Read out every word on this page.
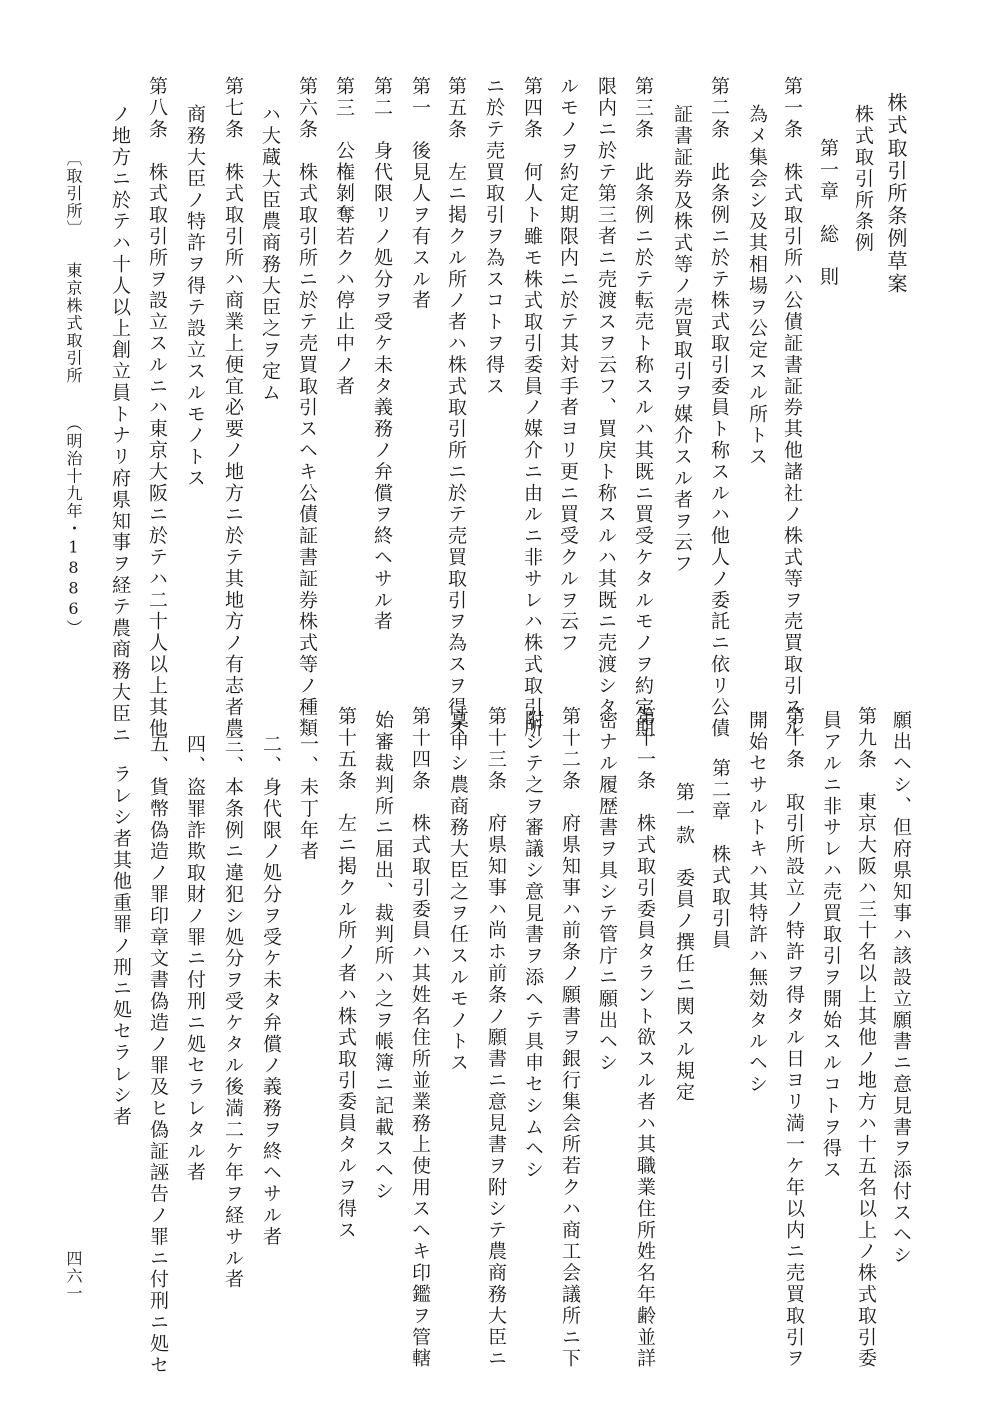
株式取引所条例草案
株式取引所条例
第一章　総　則
第一条　株式取引所ハ公債証書証券其他諸社ノ株式等ヲ売買取引スル
為メ集会シ及其相場ヲ公定スル所トス
第二条　此条例ニ於テ株式取引委員ト称スルハ他人ノ委託ニ依リ公債
証書証券及株式等ノ売買取引ヲ媒介スル者ヲ云フ
第三条　此条例ニ於テ転売ト称スルハ其既ニ買受ケタルモノヲ約定期
限内ニ於テ第三者ニ売渡スヲ云フ、買戻ト称スルハ其既ニ売渡シタ
ルモノヲ約定期限内ニ於テ其対手者ヨリ更ニ買受クルヲ云フ
第四条　何人ト雖モ株式取引委員ノ媒介ニ由ルニ非サレハ株式取引所
ニ於テ売買取引ヲ為スコトヲ得ス
第五条　左ニ掲クル所ノ者ハ株式取引所ニ於テ売買取引ヲ為スヲ得ス
第一　後見人ヲ有スル者
第二　身代限リノ処分ヲ受ケ未タ義務ノ弁償ヲ終ヘサル者
第三　公権剝奪若クハ停止中ノ者
第六条　株式取引所ニ於テ売買取引スヘキ公債証書証券株式等ノ種類
ハ大蔵大臣農商務大臣之ヲ定ム
第七条　株式取引所ハ商業上便宜必要ノ地方ニ於テ其地方ノ有志者農
商務大臣ノ特許ヲ得テ設立スルモノトス
第八条　株式取引所ヲ設立スルニハ東京大阪ニ於テハ二十人以上其他
ノ地方ニ於テハ十人以上創立員トナリ府県知事ヲ経テ農商務大臣ニ
〔取引所〕
東京株式取引所
（明治十九年・1886）
願出ヘシ、但府県知事ハ該設立願書ニ意見書ヲ添付スヘシ
第九条　東京大阪ハ三十名以上其他ノ地方ハ十五名以上ノ株式取引委
員アルニ非サレハ売買取引ヲ開始スルコトヲ得ス
第十条　取引所設立ノ特許ヲ得タル日ヨリ満一ケ年以内ニ売買取引ヲ
開始セサルトキハ其特許ハ無効タルヘシ
第二章　株式取引員
第一款　委員ノ撰任ニ関スル規定
第十一条　株式取引委員タラント欲スル者ハ其職業住所姓名年齢並詳
密ナル履歴書ヲ具シテ管庁ニ願出ヘシ
第十二条　府県知事ハ前条ノ願書ヲ銀行集会所若クハ商工会議所ニ下
附シテ之ヲ審議シ意見書ヲ添ヘテ具申セシムヘシ
第十三条　府県知事ハ尚ホ前条ノ願書ニ意見書ヲ附シテ農商務大臣ニ
稟申シ農商務大臣之ヲ任スルモノトス
第十四条　株式取引委員ハ其姓名住所並業務上使用スヘキ印鑑ヲ管轄
始審裁判所ニ届出、裁判所ハ之ヲ帳簿ニ記載スヘシ
第十五条　左ニ掲クル所ノ者ハ株式取引委員タルヲ得ス
一、未丁年者
二、身代限ノ処分ヲ受ケ未タ弁償ノ義務ヲ終ヘサル者
三、本条例ニ違犯シ処分ヲ受ケタル後満二ケ年ヲ経サル者
四、盗罪詐欺取財ノ罪ニ付刑ニ処セラレタル者
五、貨幣偽造ノ罪印章文書偽造ノ罪及ヒ偽証誣告ノ罪ニ付刑ニ処セ
ラレシ者其他重罪ノ刑ニ処セラレシ者
四六一
